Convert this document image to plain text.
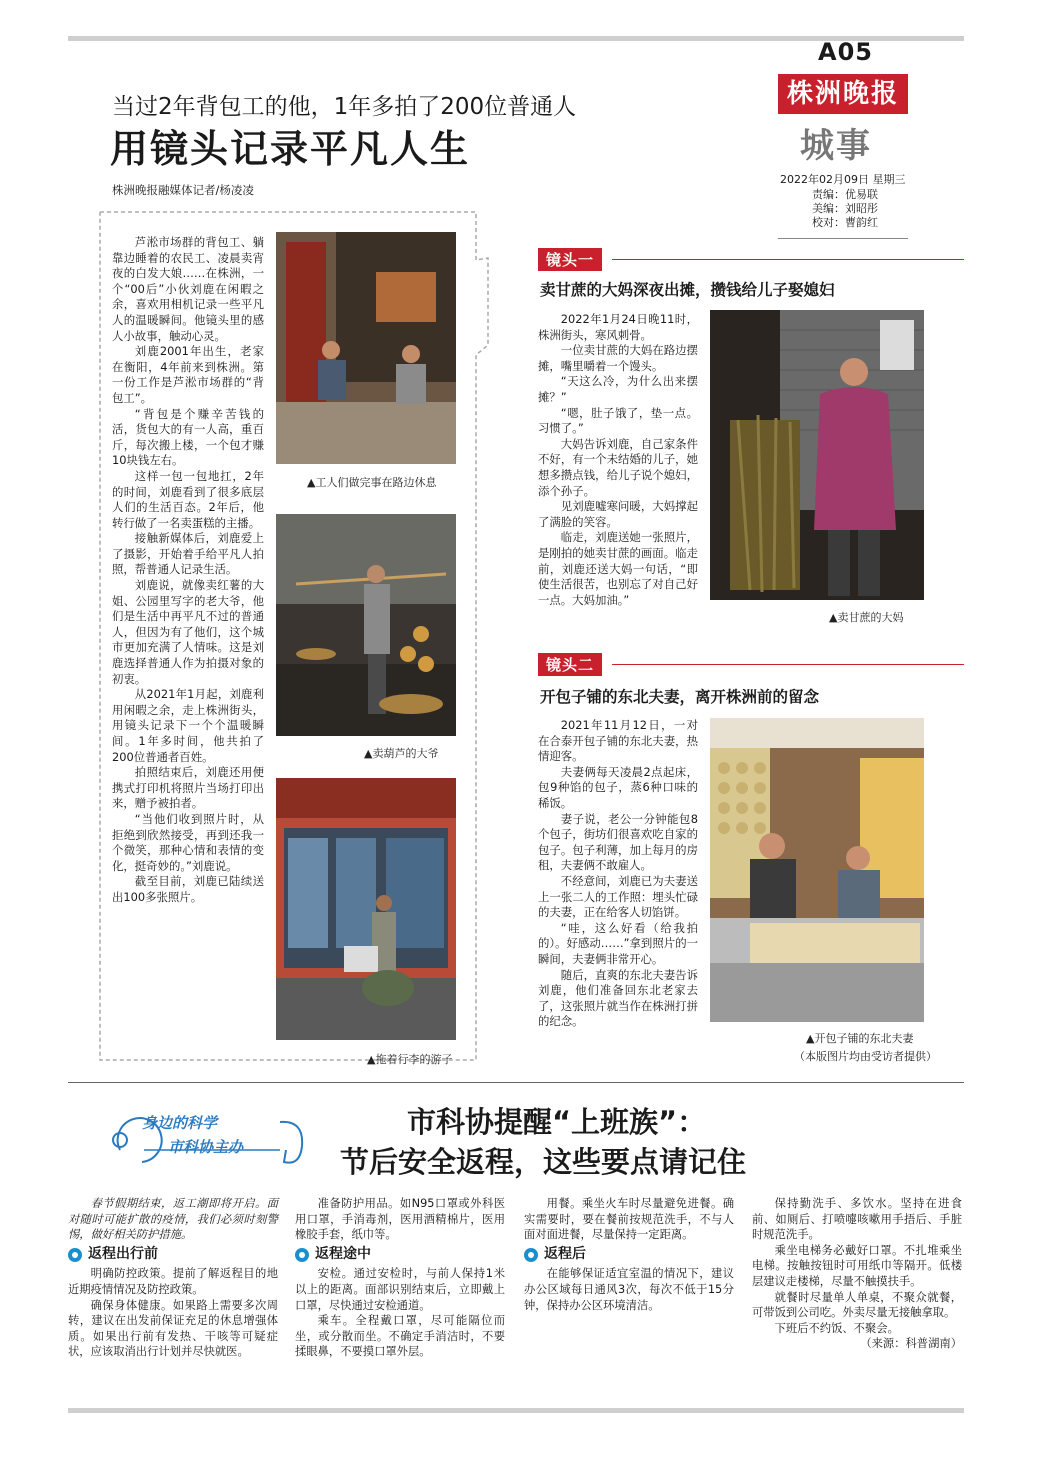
A05
株洲晚报
城事
2022年02月09日 星期三
责编：优易联
美编：刘昭彤
校对：曹韵红
当过2年背包工的他，1年多拍了200位普通人
用镜头记录平凡人生
株洲晚报融媒体记者/杨凌凌

芦淞市场群的背包工、躺靠边睡着的农民工、凌晨卖宵夜的白发大娘……在株洲，一个“00后”小伙刘鹿在闲暇之余，喜欢用相机记录一些平凡人的温暖瞬间。他镜头里的感人小故事，触动心灵。

刘鹿2001年出生，老家在衡阳，4年前来到株洲。第一份工作是芦淞市场群的“背包工”。

“背包是个赚辛苦钱的活，货包大的有一人高，重百斤，每次搬上楼，一个包才赚10块钱左右。

这样一包一包地扛，2年的时间，刘鹿看到了很多底层人们的生活百态。2年后，他转行做了一名卖蛋糕的主播。

接触新媒体后，刘鹿爱上了摄影，开始着手给平凡人拍照，帮普通人记录生活。

刘鹿说，就像卖红薯的大姐、公园里写字的老大爷，他们是生活中再平凡不过的普通人，但因为有了他们，这个城市更加充满了人情味。这是刘鹿选择普通人作为拍摄对象的初衷。

从2021年1月起，刘鹿利用闲暇之余，走上株洲街头，用镜头记录下一个个温暖瞬间。1年多时间，他共拍了200位普通者百姓。

拍照结束后，刘鹿还用便携式打印机将照片当场打印出来，赠予被拍者。

“当他们收到照片时，从拒绝到欣然接受，再到还我一个微笑，那种心情和表情的变化，挺奇妙的。”刘鹿说。

截至目前，刘鹿已陆续送出100多张照片。

▲工人们做完事在路边休息
▲卖葫芦的大爷
▲拖着行李的游子
镜头一
卖甘蔗的大妈深夜出摊，攒钱给儿子娶媳妇

2022年1月24日晚11时，株洲街头，寒风刺骨。

一位卖甘蔗的大妈在路边摆摊，嘴里嚼着一个馒头。

“天这么冷，为什么出来摆摊？”

“嗯，肚子饿了，垫一点。习惯了。”

大妈告诉刘鹿，自己家条件不好，有一个未结婚的儿子，她想多攒点钱，给儿子说个媳妇，添个孙子。

见刘鹿嘘寒问暖，大妈撑起了满脸的笑容。

临走，刘鹿送她一张照片，是刚拍的她卖甘蔗的画面。临走前，刘鹿还送大妈一句话，“即使生活很苦，也别忘了对自己好一点。大妈加油。”

▲卖甘蔗的大妈
镜头二
开包子铺的东北夫妻，离开株洲前的留念

2021年11月12日，一对在合泰开包子铺的东北夫妻，热情迎客。

夫妻俩每天凌晨2点起床，包9种馅的包子，蒸6种口味的稀饭。

妻子说，老公一分钟能包8个包子，街坊们很喜欢吃自家的包子。包子利薄，加上每月的房租，夫妻俩不敢雇人。

不经意间，刘鹿已为夫妻送上一张二人的工作照：埋头忙碌的夫妻，正在给客人切馅饼。

“哇，这么好看（给我拍的）。好感动……”拿到照片的一瞬间，夫妻俩非常开心。

随后，直爽的东北夫妻告诉刘鹿，他们准备回东北老家去了，这张照片就当作在株洲打拼的纪念。

▲开包子铺的东北夫妻
（本版图片均由受访者提供）
身边的科学
市科协主办
市科协提醒“上班族”：
节后安全返程，这些要点请记住

春节假期结束，返工潮即将开启。面对随时可能扩散的疫情，我们必须时刻警惕，做好相关防护措施。

返程出行前

明确防控政策。提前了解返程目的地近期疫情情况及防控政策。

确保身体健康。如果路上需要多次周转，建议在出发前保证充足的休息增强体质。如果出行前有发热、干咳等可疑症状，应该取消出行计划并尽快就医。

准备防护用品。如N95口罩或外科医用口罩，手消毒剂，医用酒精棉片，医用橡胶手套，纸巾等。

返程途中

安检。通过安检时，与前人保持1米以上的距离。面部识别结束后，立即戴上口罩，尽快通过安检通道。

乘车。全程戴口罩，尽可能隔位而坐，或分散而坐。不确定手消洁时，不要揉眼鼻，不要摸口罩外层。

用餐。乘坐火车时尽量避免进餐。确实需要时，要在餐前按规范洗手，不与人面对面进餐，尽量保持一定距离。

返程后

在能够保证适宜室温的情况下，建议办公区域每日通风3次，每次不低于15分钟，保持办公区环境清洁。

保持勤洗手、多饮水。坚持在进食前、如厕后、打喷嚏咳嗽用手捂后、手脏时规范洗手。

乘坐电梯务必戴好口罩。不扎堆乘坐电梯。按触按钮时可用纸巾等隔开。低楼层建议走楼梯，尽量不触摸扶手。

就餐时尽量单人单桌，不聚众就餐，可带饭到公司吃。外卖尽量无接触拿取。

下班后不约饭、不聚会。

（来源：科普湖南）
